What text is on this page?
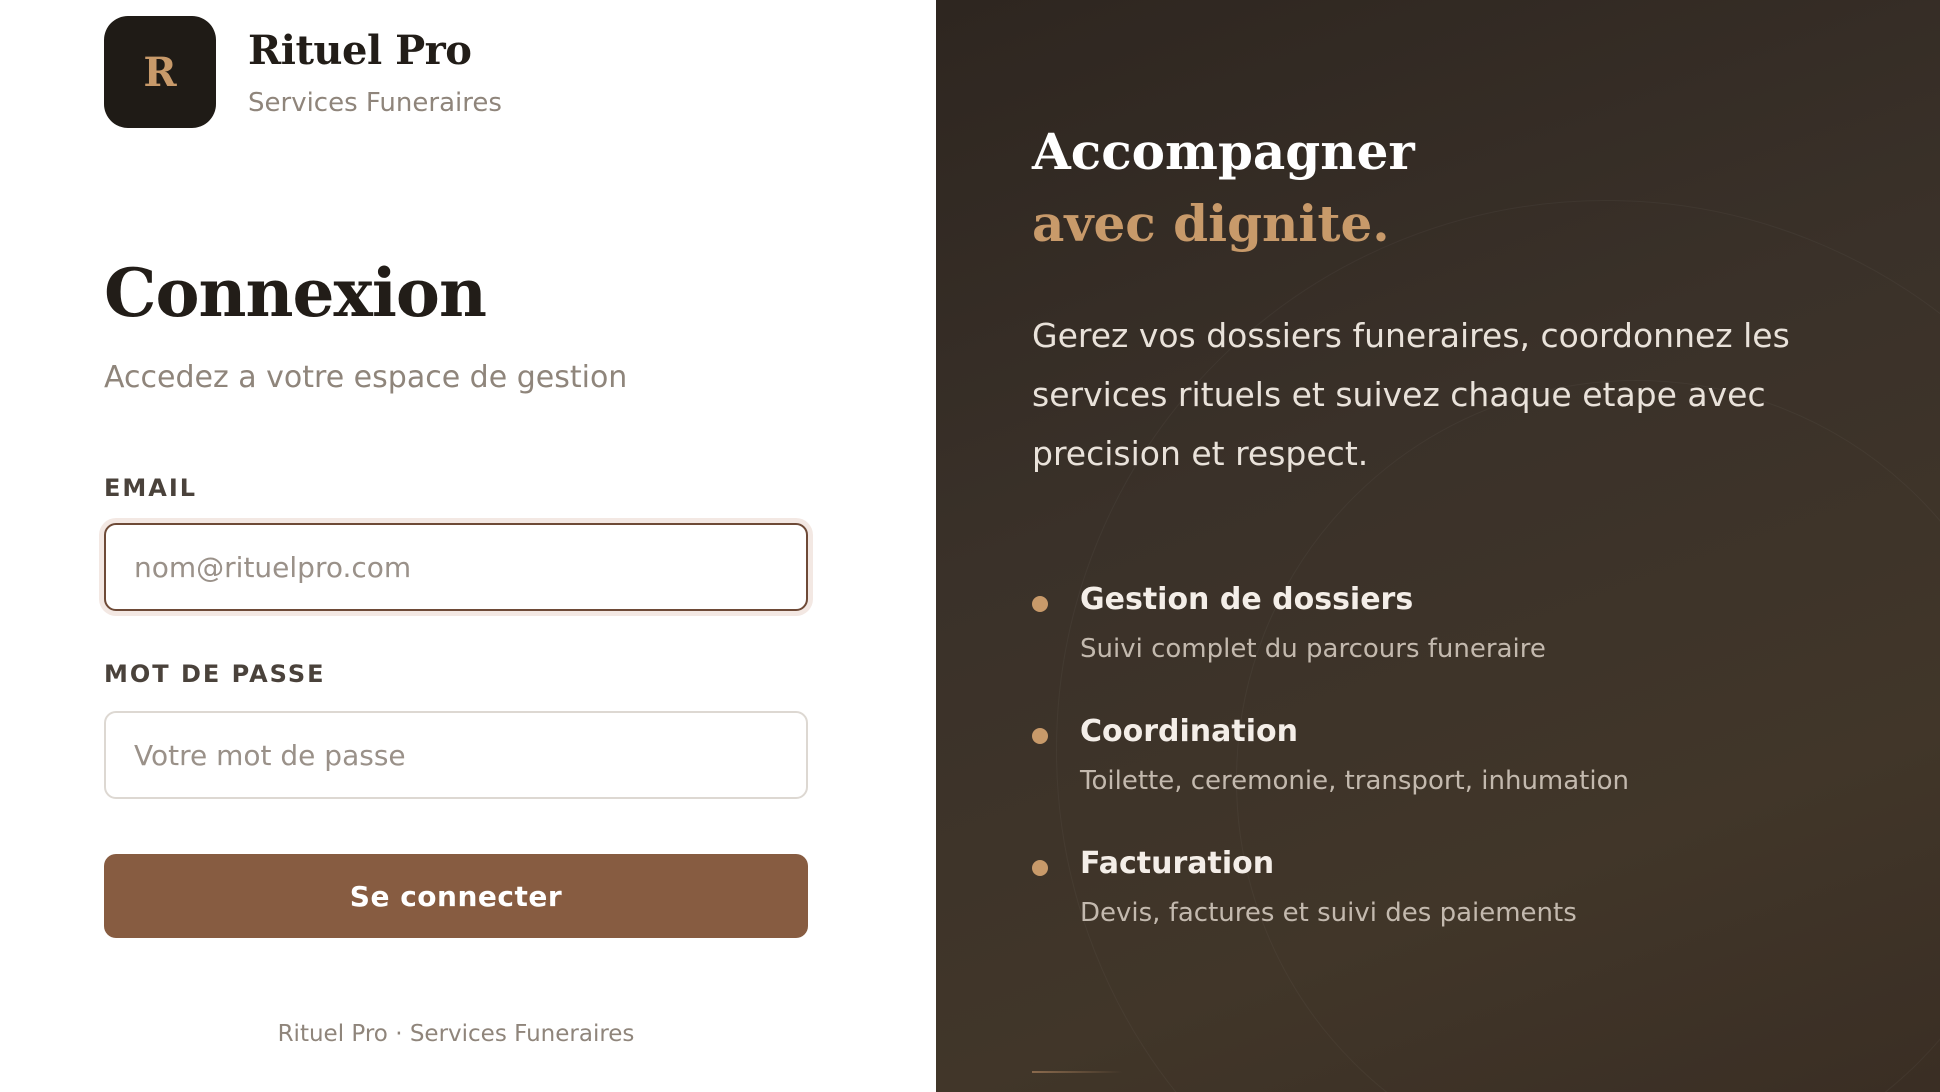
R	Rituel Pro
Services Funeraires
Connexion
Accedez a votre espace de gestion
EMAIL
nom@rituelpro.com
MOT DE PASSE
Se connecter
Rituel Pro · Services Funeraires
Accompagner
avec dignite.

Gerez vos dossiers funeraires, coordonnez les services rituels et suivez chaque etape avec precision et respect.

Gestion de dossiers
Suivi complet du parcours funeraire
Coordination
Toilette, ceremonie, transport, inhumation
Facturation
Devis, factures et suivi des paiements
